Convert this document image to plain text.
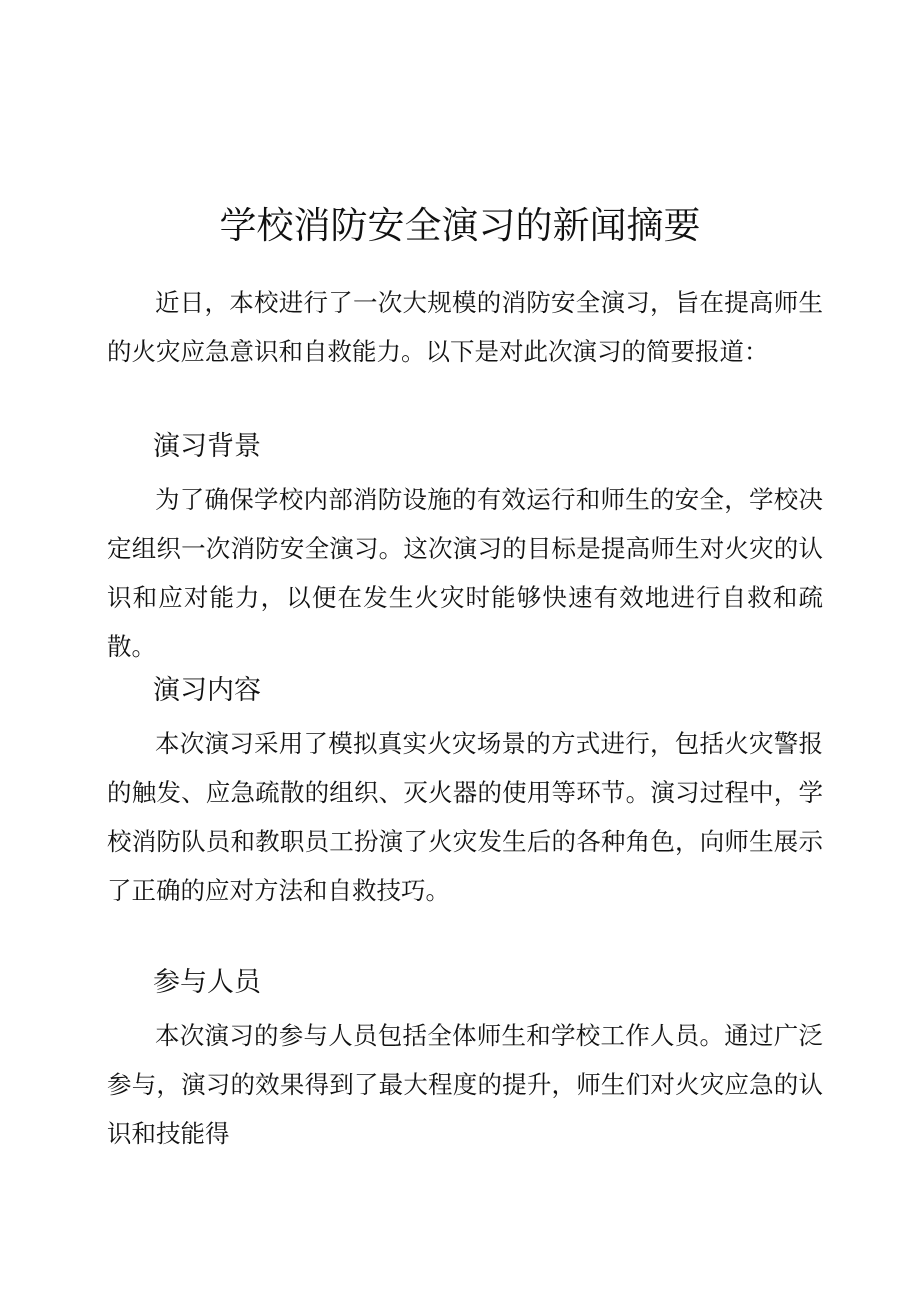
学校消防安全演习的新闻摘要

近日，本校进行了一次大规模的消防安全演习，旨在提高师生的火灾应急意识和自救能力。以下是对此次演习的简要报道：

演习背景

为了确保学校内部消防设施的有效运行和师生的安全，学校决定组织一次消防安全演习。这次演习的目标是提高师生对火灾的认识和应对能力，以便在发生火灾时能够快速有效地进行自救和疏散。

演习内容

本次演习采用了模拟真实火灾场景的方式进行，包括火灾警报的触发、应急疏散的组织、灭火器的使用等环节。演习过程中，学校消防队员和教职员工扮演了火灾发生后的各种角色，向师生展示了正确的应对方法和自救技巧。

参与人员

本次演习的参与人员包括全体师生和学校工作人员。通过广泛参与，演习的效果得到了最大程度的提升，师生们对火灾应急的认识和技能得
